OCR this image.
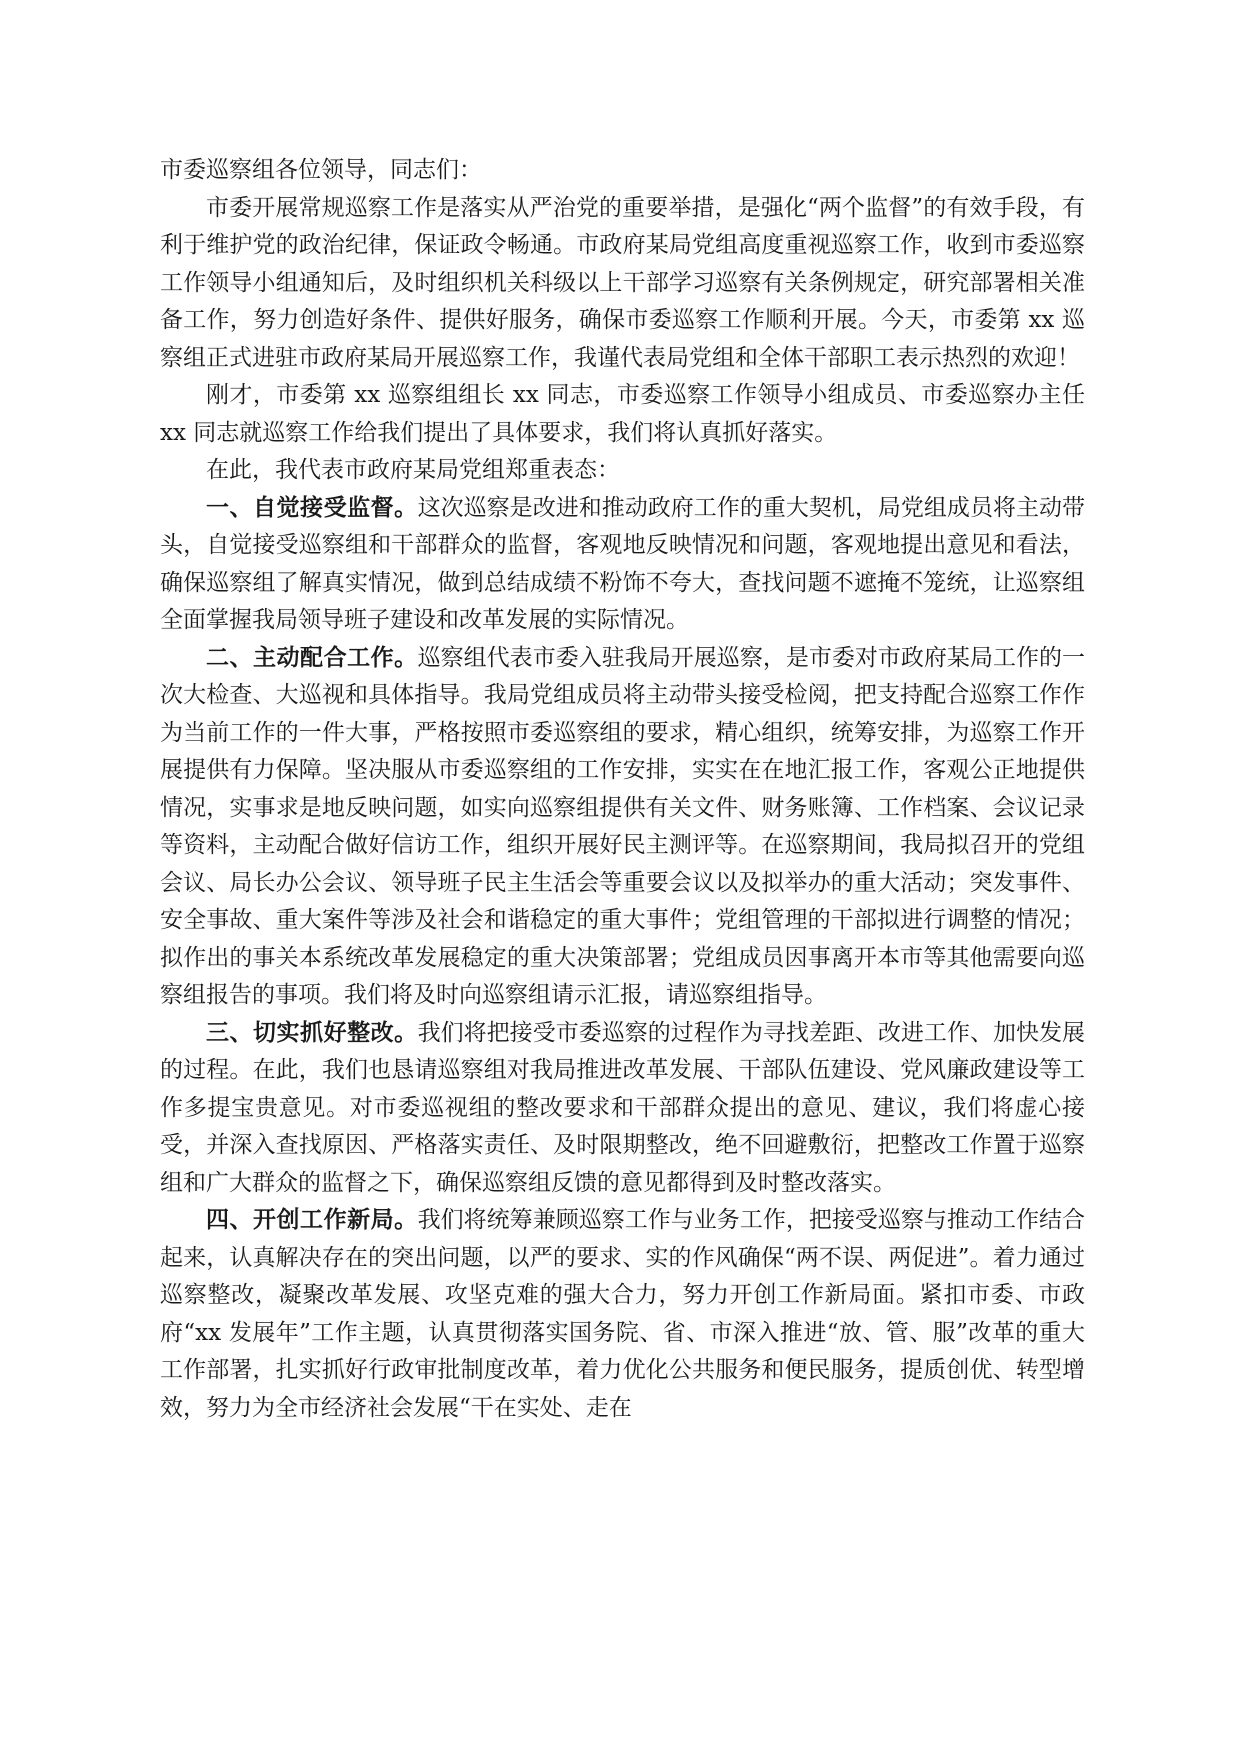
市委巡察组各位领导，同志们：

市委开展常规巡察工作是落实从严治党的重要举措，是强化“两个监督”的有效手段，有利于维护党的政治纪律，保证政令畅通。市政府某局党组高度重视巡察工作，收到市委巡察工作领导小组通知后，及时组织机关科级以上干部学习巡察有关条例规定，研究部署相关准备工作，努力创造好条件、提供好服务，确保市委巡察工作顺利开展。今天，市委第 xx 巡察组正式进驻市政府某局开展巡察工作，我谨代表局党组和全体干部职工表示热烈的欢迎！

刚才，市委第 xx 巡察组组长 xx 同志，市委巡察工作领导小组成员、市委巡察办主任 xx 同志就巡察工作给我们提出了具体要求，我们将认真抓好落实。

在此，我代表市政府某局党组郑重表态：

一、自觉接受监督。这次巡察是改进和推动政府工作的重大契机，局党组成员将主动带头，自觉接受巡察组和干部群众的监督，客观地反映情况和问题，客观地提出意见和看法，确保巡察组了解真实情况，做到总结成绩不粉饰不夸大，查找问题不遮掩不笼统，让巡察组全面掌握我局领导班子建设和改革发展的实际情况。

二、主动配合工作。巡察组代表市委入驻我局开展巡察，是市委对市政府某局工作的一次大检查、大巡视和具体指导。我局党组成员将主动带头接受检阅，把支持配合巡察工作作为当前工作的一件大事，严格按照市委巡察组的要求，精心组织，统筹安排，为巡察工作开展提供有力保障。坚决服从市委巡察组的工作安排，实实在在地汇报工作，客观公正地提供情况，实事求是地反映问题，如实向巡察组提供有关文件、财务账簿、工作档案、会议记录等资料，主动配合做好信访工作，组织开展好民主测评等。在巡察期间，我局拟召开的党组会议、局长办公会议、领导班子民主生活会等重要会议以及拟举办的重大活动；突发事件、安全事故、重大案件等涉及社会和谐稳定的重大事件；党组管理的干部拟进行调整的情况；拟作出的事关本系统改革发展稳定的重大决策部署；党组成员因事离开本市等其他需要向巡察组报告的事项。我们将及时向巡察组请示汇报，请巡察组指导。

三、切实抓好整改。我们将把接受市委巡察的过程作为寻找差距、改进工作、加快发展的过程。在此，我们也恳请巡察组对我局推进改革发展、干部队伍建设、党风廉政建设等工作多提宝贵意见。对市委巡视组的整改要求和干部群众提出的意见、建议，我们将虚心接受，并深入查找原因、严格落实责任、及时限期整改，绝不回避敷衍，把整改工作置于巡察组和广大群众的监督之下，确保巡察组反馈的意见都得到及时整改落实。

四、开创工作新局。我们将统筹兼顾巡察工作与业务工作，把接受巡察与推动工作结合起来，认真解决存在的突出问题，以严的要求、实的作风确保“两不误、两促进”。着力通过巡察整改，凝聚改革发展、攻坚克难的强大合力，努力开创工作新局面。紧扣市委、市政府“xx 发展年”工作主题，认真贯彻落实国务院、省、市深入推进“放、管、服”改革的重大工作部署，扎实抓好行政审批制度改革，着力优化公共服务和便民服务，提质创优、转型增效，努力为全市经济社会发展“干在实处、走在
